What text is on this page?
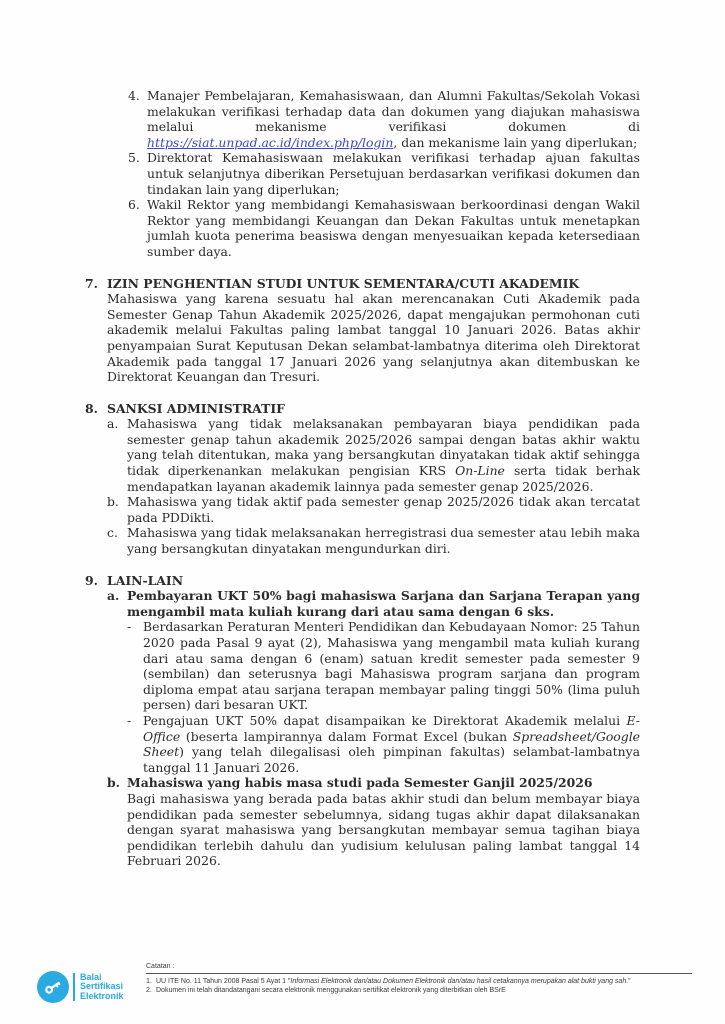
4. Manajer Pembelajaran, Kemahasiswaan, dan Alumni Fakultas/Sekolah Vokasi melakukan verifikasi terhadap data dan dokumen yang diajukan mahasiswa melalui mekanisme verifikasi dokumen di https://siat.unpad.ac.id/index.php/login, dan mekanisme lain yang diperlukan;
5. Direktorat Kemahasiswaan melakukan verifikasi terhadap ajuan fakultas untuk selanjutnya diberikan Persetujuan berdasarkan verifikasi dokumen dan tindakan lain yang diperlukan;
6. Wakil Rektor yang membidangi Kemahasiswaan berkoordinasi dengan Wakil Rektor yang membidangi Keuangan dan Dekan Fakultas untuk menetapkan jumlah kuota penerima beasiswa dengan menyesuaikan kepada ketersediaan sumber daya.
7. IZIN PENGHENTIAN STUDI UNTUK SEMENTARA/CUTI AKADEMIK
Mahasiswa yang karena sesuatu hal akan merencanakan Cuti Akademik pada Semester Genap Tahun Akademik 2025/2026, dapat mengajukan permohonan cuti akademik melalui Fakultas paling lambat tanggal 10 Januari 2026. Batas akhir penyampaian Surat Keputusan Dekan selambat-lambatnya diterima oleh Direktorat Akademik pada tanggal 17 Januari 2026 yang selanjutnya akan ditembuskan ke Direktorat Keuangan dan Tresuri.
8. SANKSI ADMINISTRATIF
a. Mahasiswa yang tidak melaksanakan pembayaran biaya pendidikan pada semester genap tahun akademik 2025/2026 sampai dengan batas akhir waktu yang telah ditentukan, maka yang bersangkutan dinyatakan tidak aktif sehingga tidak diperkenankan melakukan pengisian KRS On-Line serta tidak berhak mendapatkan layanan akademik lainnya pada semester genap 2025/2026.
b. Mahasiswa yang tidak aktif pada semester genap 2025/2026 tidak akan tercatat pada PDDikti.
c. Mahasiswa yang tidak melaksanakan herregistrasi dua semester atau lebih maka yang bersangkutan dinyatakan mengundurkan diri.
9. LAIN-LAIN
a. Pembayaran UKT 50% bagi mahasiswa Sarjana dan Sarjana Terapan yang mengambil mata kuliah kurang dari atau sama dengan 6 sks.
- Berdasarkan Peraturan Menteri Pendidikan dan Kebudayaan Nomor: 25 Tahun 2020 pada Pasal 9 ayat (2), Mahasiswa yang mengambil mata kuliah kurang dari atau sama dengan 6 (enam) satuan kredit semester pada semester 9 (sembilan) dan seterusnya bagi Mahasiswa program sarjana dan program diploma empat atau sarjana terapan membayar paling tinggi 50% (lima puluh persen) dari besaran UKT.
- Pengajuan UKT 50% dapat disampaikan ke Direktorat Akademik melalui E-Office (beserta lampirannya dalam Format Excel (bukan Spreadsheet/Google Sheet) yang telah dilegalisasi oleh pimpinan fakultas) selambat-lambatnya tanggal 11 Januari 2026.
b. Mahasiswa yang habis masa studi pada Semester Ganjil 2025/2026
Bagi mahasiswa yang berada pada batas akhir studi dan belum membayar biaya pendidikan pada semester sebelumnya, sidang tugas akhir dapat dilaksanakan dengan syarat mahasiswa yang bersangkutan membayar semua tagihan biaya pendidikan terlebih dahulu dan yudisium kelulusan paling lambat tanggal 14 Februari 2026.
Balai
Sertifikasi
Elektronik
Catatan :
1. UU ITE No. 11 Tahun 2008 Pasal 5 Ayat 1 "Informasi Elektronik dan/atau Dokumen Elektronik dan/atau hasil cetakannya merupakan alat bukti yang sah."
2. Dokumen ini telah ditandatangani secara elektronik menggunakan sertifikat elektronik yang diterbitkan oleh BSrE
